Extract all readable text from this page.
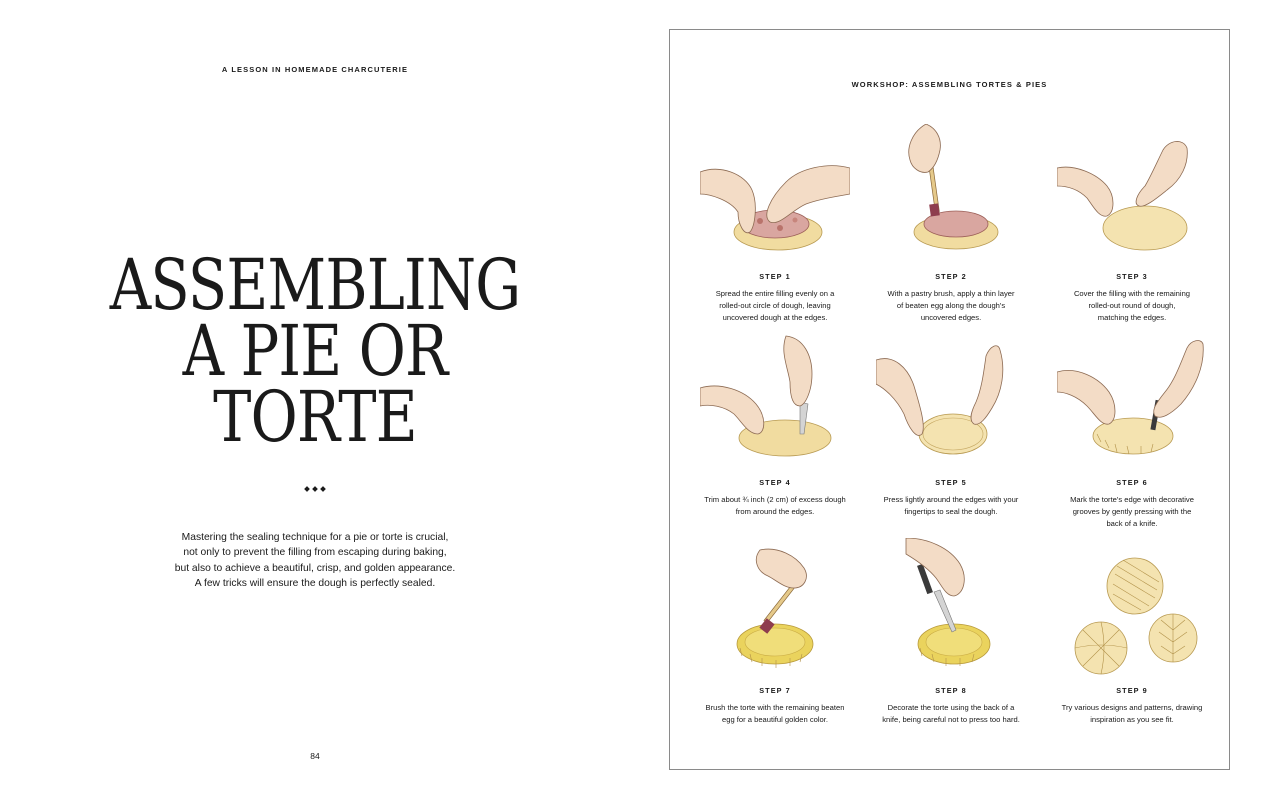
A LESSON IN HOMEMADE CHARCUTERIE
ASSEMBLING
A PIE OR
TORTE
Mastering the sealing technique for a pie or torte is crucial,
not only to prevent the filling from escaping during baking,
but also to achieve a beautiful, crisp, and golden appearance.
A few tricks will ensure the dough is perfectly sealed.
84
WORKSHOP: ASSEMBLING TORTES & PIES
STEP 1
Spread the entire filling evenly on a
rolled-out circle of dough, leaving
uncovered dough at the edges.
STEP 2
With a pastry brush, apply a thin layer
of beaten egg along the dough's
uncovered edges.
STEP 3
Cover the filling with the remaining
rolled-out round of dough,
matching the edges.
STEP 4
Trim about ¾ inch (2 cm) of excess dough
from around the edges.
STEP 5
Press lightly around the edges with your
fingertips to seal the dough.
STEP 6
Mark the torte's edge with decorative
grooves by gently pressing with the
back of a knife.
STEP 7
Brush the torte with the remaining beaten
egg for a beautiful golden color.
STEP 8
Decorate the torte using the back of a
knife, being careful not to press too hard.
STEP 9
Try various designs and patterns, drawing
inspiration as you see fit.
